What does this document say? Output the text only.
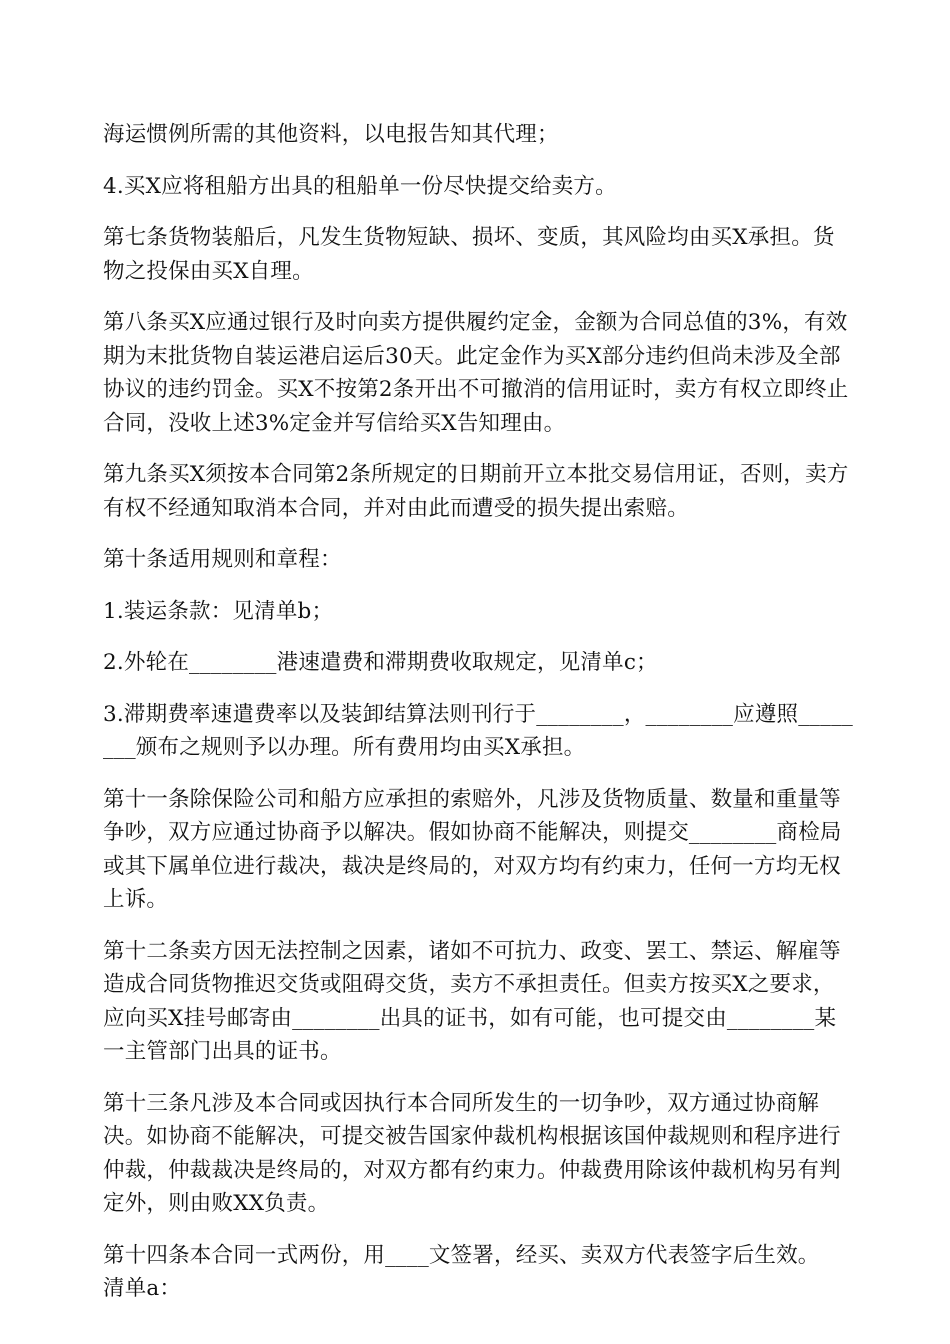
海运惯例所需的其他资料，以电报告知其代理；

4.买X应将租船方出具的租船单一份尽快提交给卖方。

第七条货物装船后，凡发生货物短缺、损坏、变质，其风险均由买X承担。货物之投保由买X自理。

第八条买X应通过银行及时向卖方提供履约定金，金额为合同总值的3%，有效期为末批货物自装运港启运后30天。此定金作为买X部分违约但尚未涉及全部协议的违约罚金。买X不按第2条开出不可撤消的信用证时，卖方有权立即终止合同，没收上述3%定金并写信给买X告知理由。

第九条买X须按本合同第2条所规定的日期前开立本批交易信用证，否则，卖方有权不经通知取消本合同，并对由此而遭受的损失提出索赔。

第十条适用规则和章程：

1.装运条款：见清单b；

2.外轮在________港速遣费和滞期费收取规定，见清单c；

3.滞期费率速遣费率以及装卸结算法则刊行于________，________应遵照________颁布之规则予以办理。所有费用均由买X承担。

第十一条除保险公司和船方应承担的索赔外，凡涉及货物质量、数量和重量等争吵，双方应通过协商予以解决。假如协商不能解决，则提交________商检局或其下属单位进行裁决，裁决是终局的，对双方均有约束力，任何一方均无权上诉。

第十二条卖方因无法控制之因素，诸如不可抗力、政变、罢工、禁运、解雇等造成合同货物推迟交货或阻碍交货，卖方不承担责任。但卖方按买X之要求，应向买X挂号邮寄由________出具的证书，如有可能，也可提交由________某一主管部门出具的证书。

第十三条凡涉及本合同或因执行本合同所发生的一切争吵，双方通过协商解决。如协商不能解决，可提交被告国家仲裁机构根据该国仲裁规则和程序进行仲裁，仲裁裁决是终局的，对双方都有约束力。仲裁费用除该仲裁机构另有判定外，则由败XX负责。

第十四条本合同一式两份，用____文签署，经买、卖双方代表签字后生效。

清单a：
